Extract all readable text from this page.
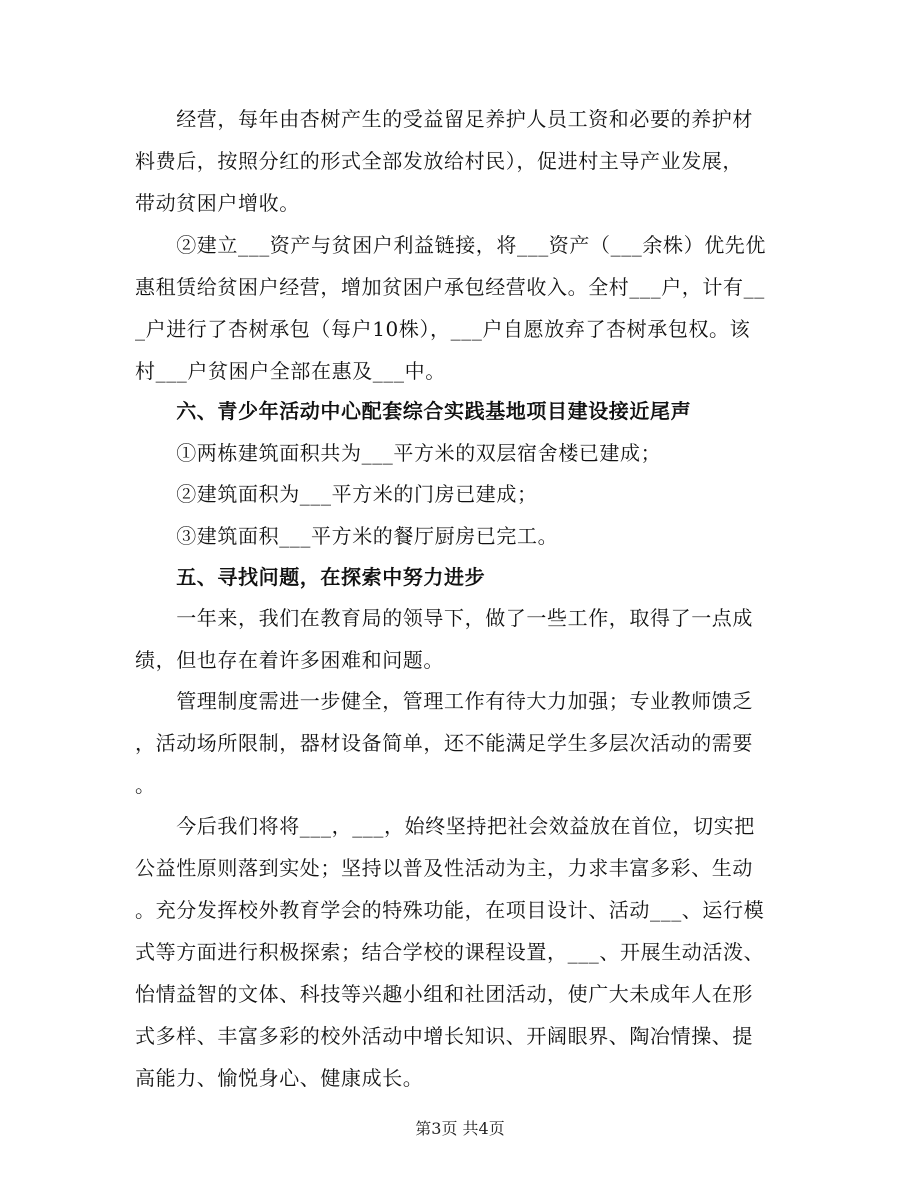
　　经营，每年由杏树产生的受益留足养护人员工资和必要的养护材
料费后，按照分红的形式全部发放给村民），促进村主导产业发展，
带动贫困户增收。
　　②建立___资产与贫困户利益链接，将___资产（___余株）优先优
惠租赁给贫困户经营，增加贫困户承包经营收入。全村___户，计有__
_户进行了杏树承包（每户10株），___户自愿放弃了杏树承包权。该
村___户贫困户全部在惠及___中。
　　六、青少年活动中心配套综合实践基地项目建设接近尾声
　　①两栋建筑面积共为___平方米的双层宿舍楼已建成；
　　②建筑面积为___平方米的门房已建成；
　　③建筑面积___平方米的餐厅厨房已完工。
　　五、寻找问题，在探索中努力进步
　　一年来，我们在教育局的领导下，做了一些工作，取得了一点成
绩，但也存在着许多困难和问题。
　　管理制度需进一步健全，管理工作有待大力加强；专业教师馈乏
，活动场所限制，器材设备简单，还不能满足学生多层次活动的需要
。
　　今后我们将将___，___，始终坚持把社会效益放在首位，切实把
公益性原则落到实处；坚持以普及性活动为主，力求丰富多彩、生动
。充分发挥校外教育学会的特殊功能，在项目设计、活动___、运行模
式等方面进行积极探索；结合学校的课程设置，___、开展生动活泼、
怡情益智的文体、科技等兴趣小组和社团活动，使广大未成年人在形
式多样、丰富多彩的校外活动中增长知识、开阔眼界、陶冶情操、提
高能力、愉悦身心、健康成长。
第3页 共4页
